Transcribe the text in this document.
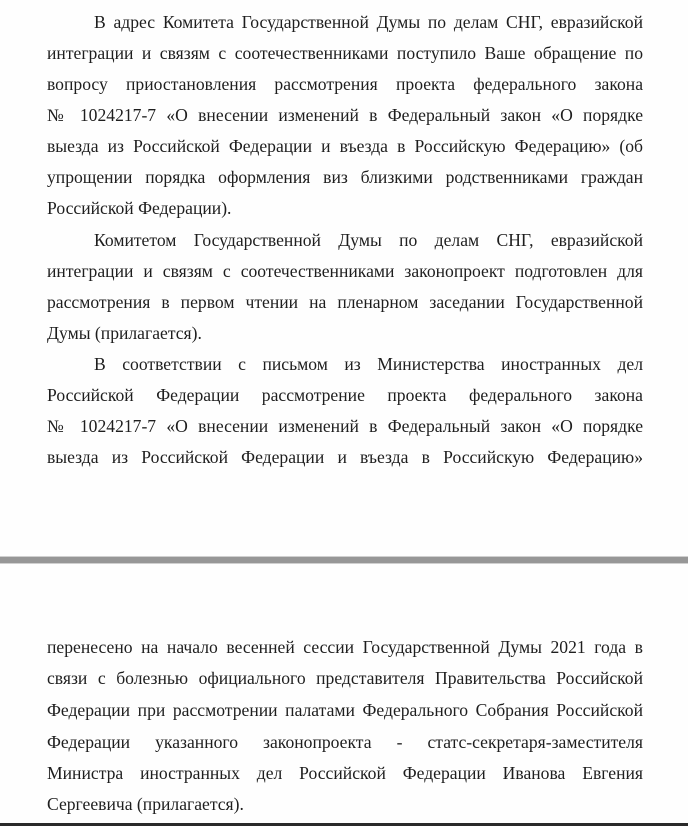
В адрес Комитета Государственной Думы по делам СНГ, евразийской
интеграции и связям с соотечественниками поступило Ваше обращение по
вопросу приостановления рассмотрения проекта федерального закона
№ 1024217-7 «О внесении изменений в Федеральный закон «О порядке
выезда из Российской Федерации и въезда в Российскую Федерацию» (об
упрощении порядка оформления виз близкими родственниками граждан
Российской Федерации).
Комитетом Государственной Думы по делам СНГ, евразийской
интеграции и связям с соотечественниками законопроект подготовлен для
рассмотрения в первом чтении на пленарном заседании Государственной
Думы (прилагается).
В соответствии с письмом из Министерства иностранных дел
Российской Федерации рассмотрение проекта федерального закона
№ 1024217-7 «О внесении изменений в Федеральный закон «О порядке
выезда из Российской Федерации и въезда в Российскую Федерацию»
перенесено на начало весенней сессии Государственной Думы 2021 года в
связи с болезнью официального представителя Правительства Российской
Федерации при рассмотрении палатами Федерального Собрания Российской
Федерации указанного законопроекта - статс-секретаря-заместителя
Министра иностранных дел Российской Федерации Иванова Евгения
Сергеевича (прилагается).
